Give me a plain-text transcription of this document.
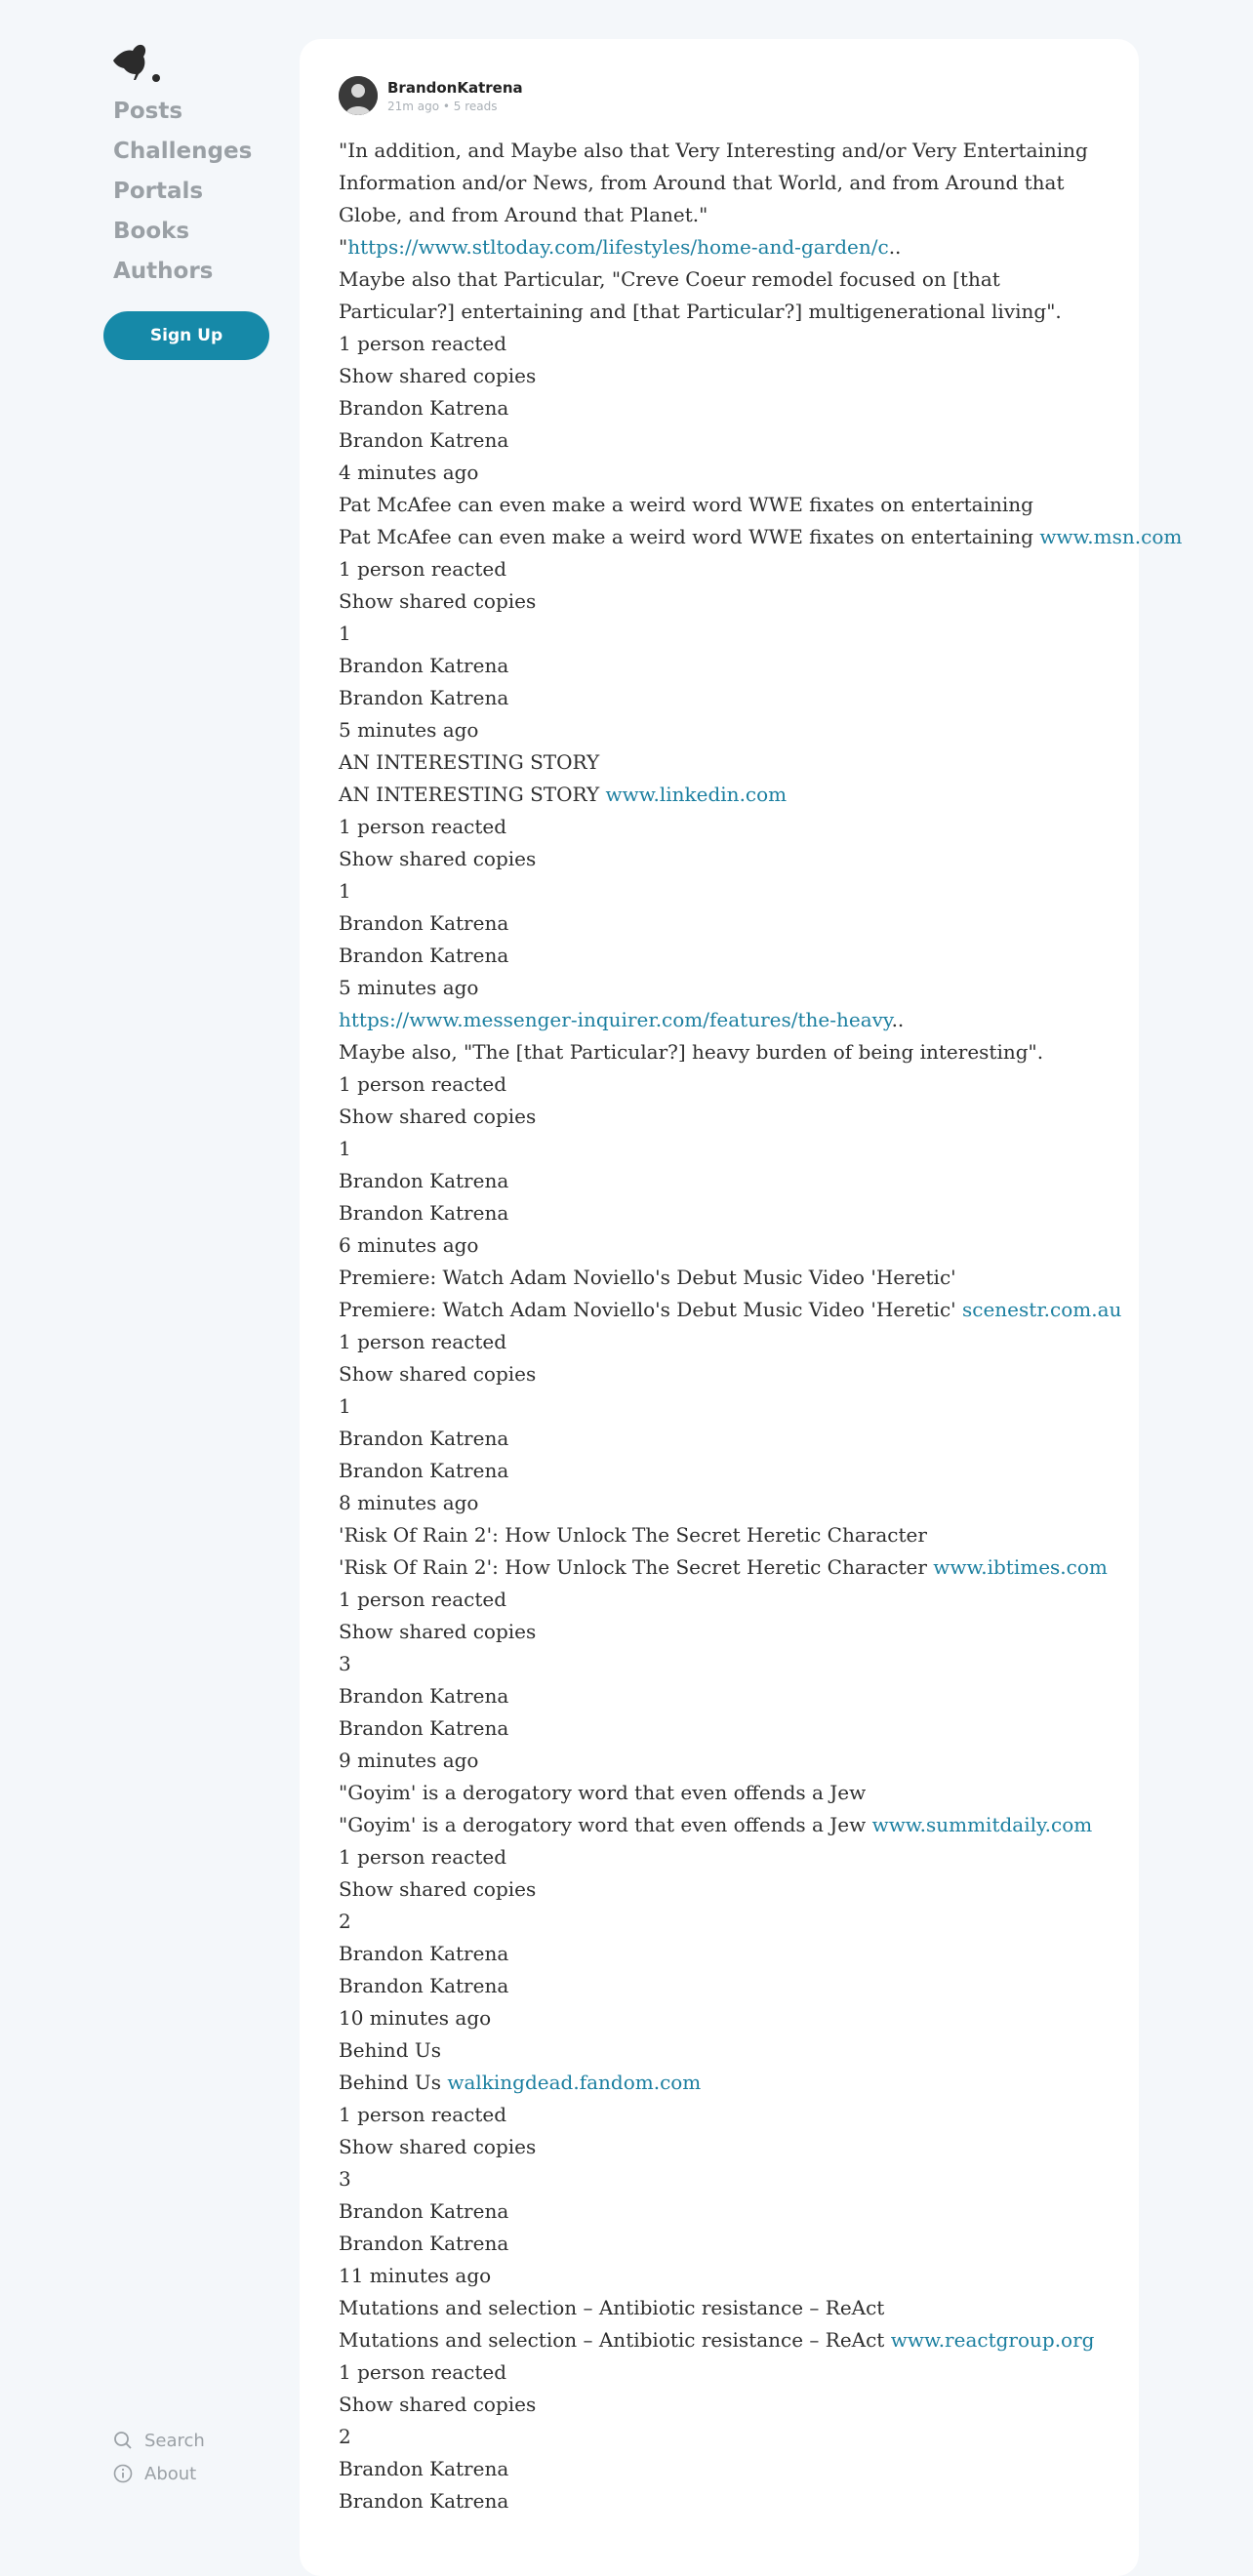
Posts
Challenges
Portals
Books
Authors
Sign Up
Search
About
BrandonKatrena
21m ago • 5 reads
"In addition, and Maybe also that Very Interesting and/or Very Entertaining Information and/or News, from Around that World, and from Around that Globe, and from Around that Planet."
"https://www.stltoday.com/lifestyles/home-and-garden/c..
Maybe also that Particular, "Creve Coeur remodel focused on [that Particular?] entertaining and [that Particular?] multigenerational living".
1 person reacted
Show shared copies
Brandon Katrena
Brandon Katrena
4 minutes ago
Pat McAfee can even make a weird word WWE fixates on entertaining
Pat McAfee can even make a weird word WWE fixates on entertaining www.msn.com
1 person reacted
Show shared copies
1
Brandon Katrena
Brandon Katrena
5 minutes ago
AN INTERESTING STORY
AN INTERESTING STORY www.linkedin.com
1 person reacted
Show shared copies
1
Brandon Katrena
Brandon Katrena
5 minutes ago
https://www.messenger-inquirer.com/features/the-heavy..
Maybe also, "The [that Particular?] heavy burden of being interesting".
1 person reacted
Show shared copies
1
Brandon Katrena
Brandon Katrena
6 minutes ago
Premiere: Watch Adam Noviello's Debut Music Video 'Heretic'
Premiere: Watch Adam Noviello's Debut Music Video 'Heretic' scenestr.com.au
1 person reacted
Show shared copies
1
Brandon Katrena
Brandon Katrena
8 minutes ago
'Risk Of Rain 2': How Unlock The Secret Heretic Character
'Risk Of Rain 2': How Unlock The Secret Heretic Character www.ibtimes.com
1 person reacted
Show shared copies
3
Brandon Katrena
Brandon Katrena
9 minutes ago
"Goyim' is a derogatory word that even offends a Jew
"Goyim' is a derogatory word that even offends a Jew www.summitdaily.com
1 person reacted
Show shared copies
2
Brandon Katrena
Brandon Katrena
10 minutes ago
Behind Us
Behind Us walkingdead.fandom.com
1 person reacted
Show shared copies
3
Brandon Katrena
Brandon Katrena
11 minutes ago
Mutations and selection – Antibiotic resistance – ReAct
Mutations and selection – Antibiotic resistance – ReAct www.reactgroup.org
1 person reacted
Show shared copies
2
Brandon Katrena
Brandon Katrena
